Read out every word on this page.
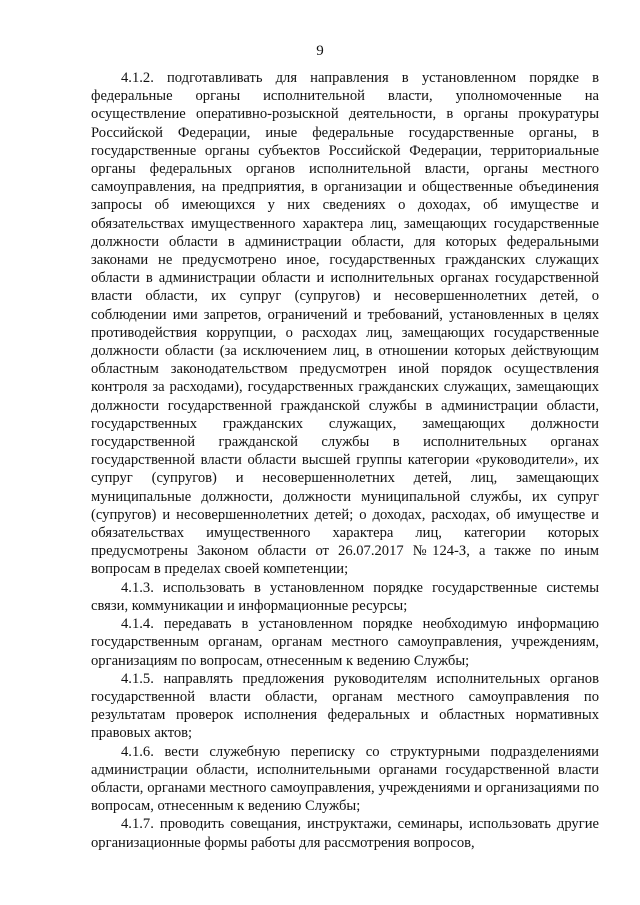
9

4.1.2. подготавливать для направления в установленном порядке в федеральные органы исполнительной власти, уполномоченные на осуществление оперативно-розыскной деятельности, в органы прокуратуры Российской Федерации, иные федеральные государственные органы, в государственные органы субъектов Российской Федерации, территориальные органы федеральных органов исполнительной власти, органы местного самоуправления, на предприятия, в организации и общественные объединения запросы об имеющихся у них сведениях о доходах, об имуществе и обязательствах имущественного характера лиц, замещающих государственные должности области в администрации области, для которых федеральными законами не предусмотрено иное, государственных гражданских служащих области в администрации области и исполнительных органах государственной власти области, их супруг (супругов) и несовершеннолетних детей, о соблюдении ими запретов, ограничений и требований, установленных в целях противодействия коррупции, о расходах лиц, замещающих государственные должности области (за исключением лиц, в отношении которых действующим областным законодательством предусмотрен иной порядок осуществления контроля за расходами), государственных гражданских служащих, замещающих должности государственной гражданской службы в администрации области, государственных гражданских служащих, замещающих должности государственной гражданской службы в исполнительных органах государственной власти области высшей группы категории «руководители», их супруг (супругов) и несовершеннолетних детей, лиц, замещающих муниципальные должности, должности муниципальной службы, их супруг (супругов) и несовершеннолетних детей; о доходах, расходах, об имуществе и обязательствах имущественного характера лиц, категории которых предусмотрены Законом области от 26.07.2017 №124-З, а также по иным вопросам в пределах своей компетенции;

4.1.3. использовать в установленном порядке государственные системы связи, коммуникации и информационные ресурсы;

4.1.4. передавать в установленном порядке необходимую информацию государственным органам, органам местного самоуправления, учреждениям, организациям по вопросам, отнесенным к ведению Службы;

4.1.5. направлять предложения руководителям исполнительных органов государственной власти области, органам местного самоуправления по результатам проверок исполнения федеральных и областных нормативных правовых актов;

4.1.6. вести служебную переписку со структурными подразделениями администрации области, исполнительными органами государственной власти области, органами местного самоуправления, учреждениями и организациями по вопросам, отнесенным к ведению Службы;

4.1.7. проводить совещания, инструктажи, семинары, использовать другие организационные формы работы для рассмотрения вопросов,
